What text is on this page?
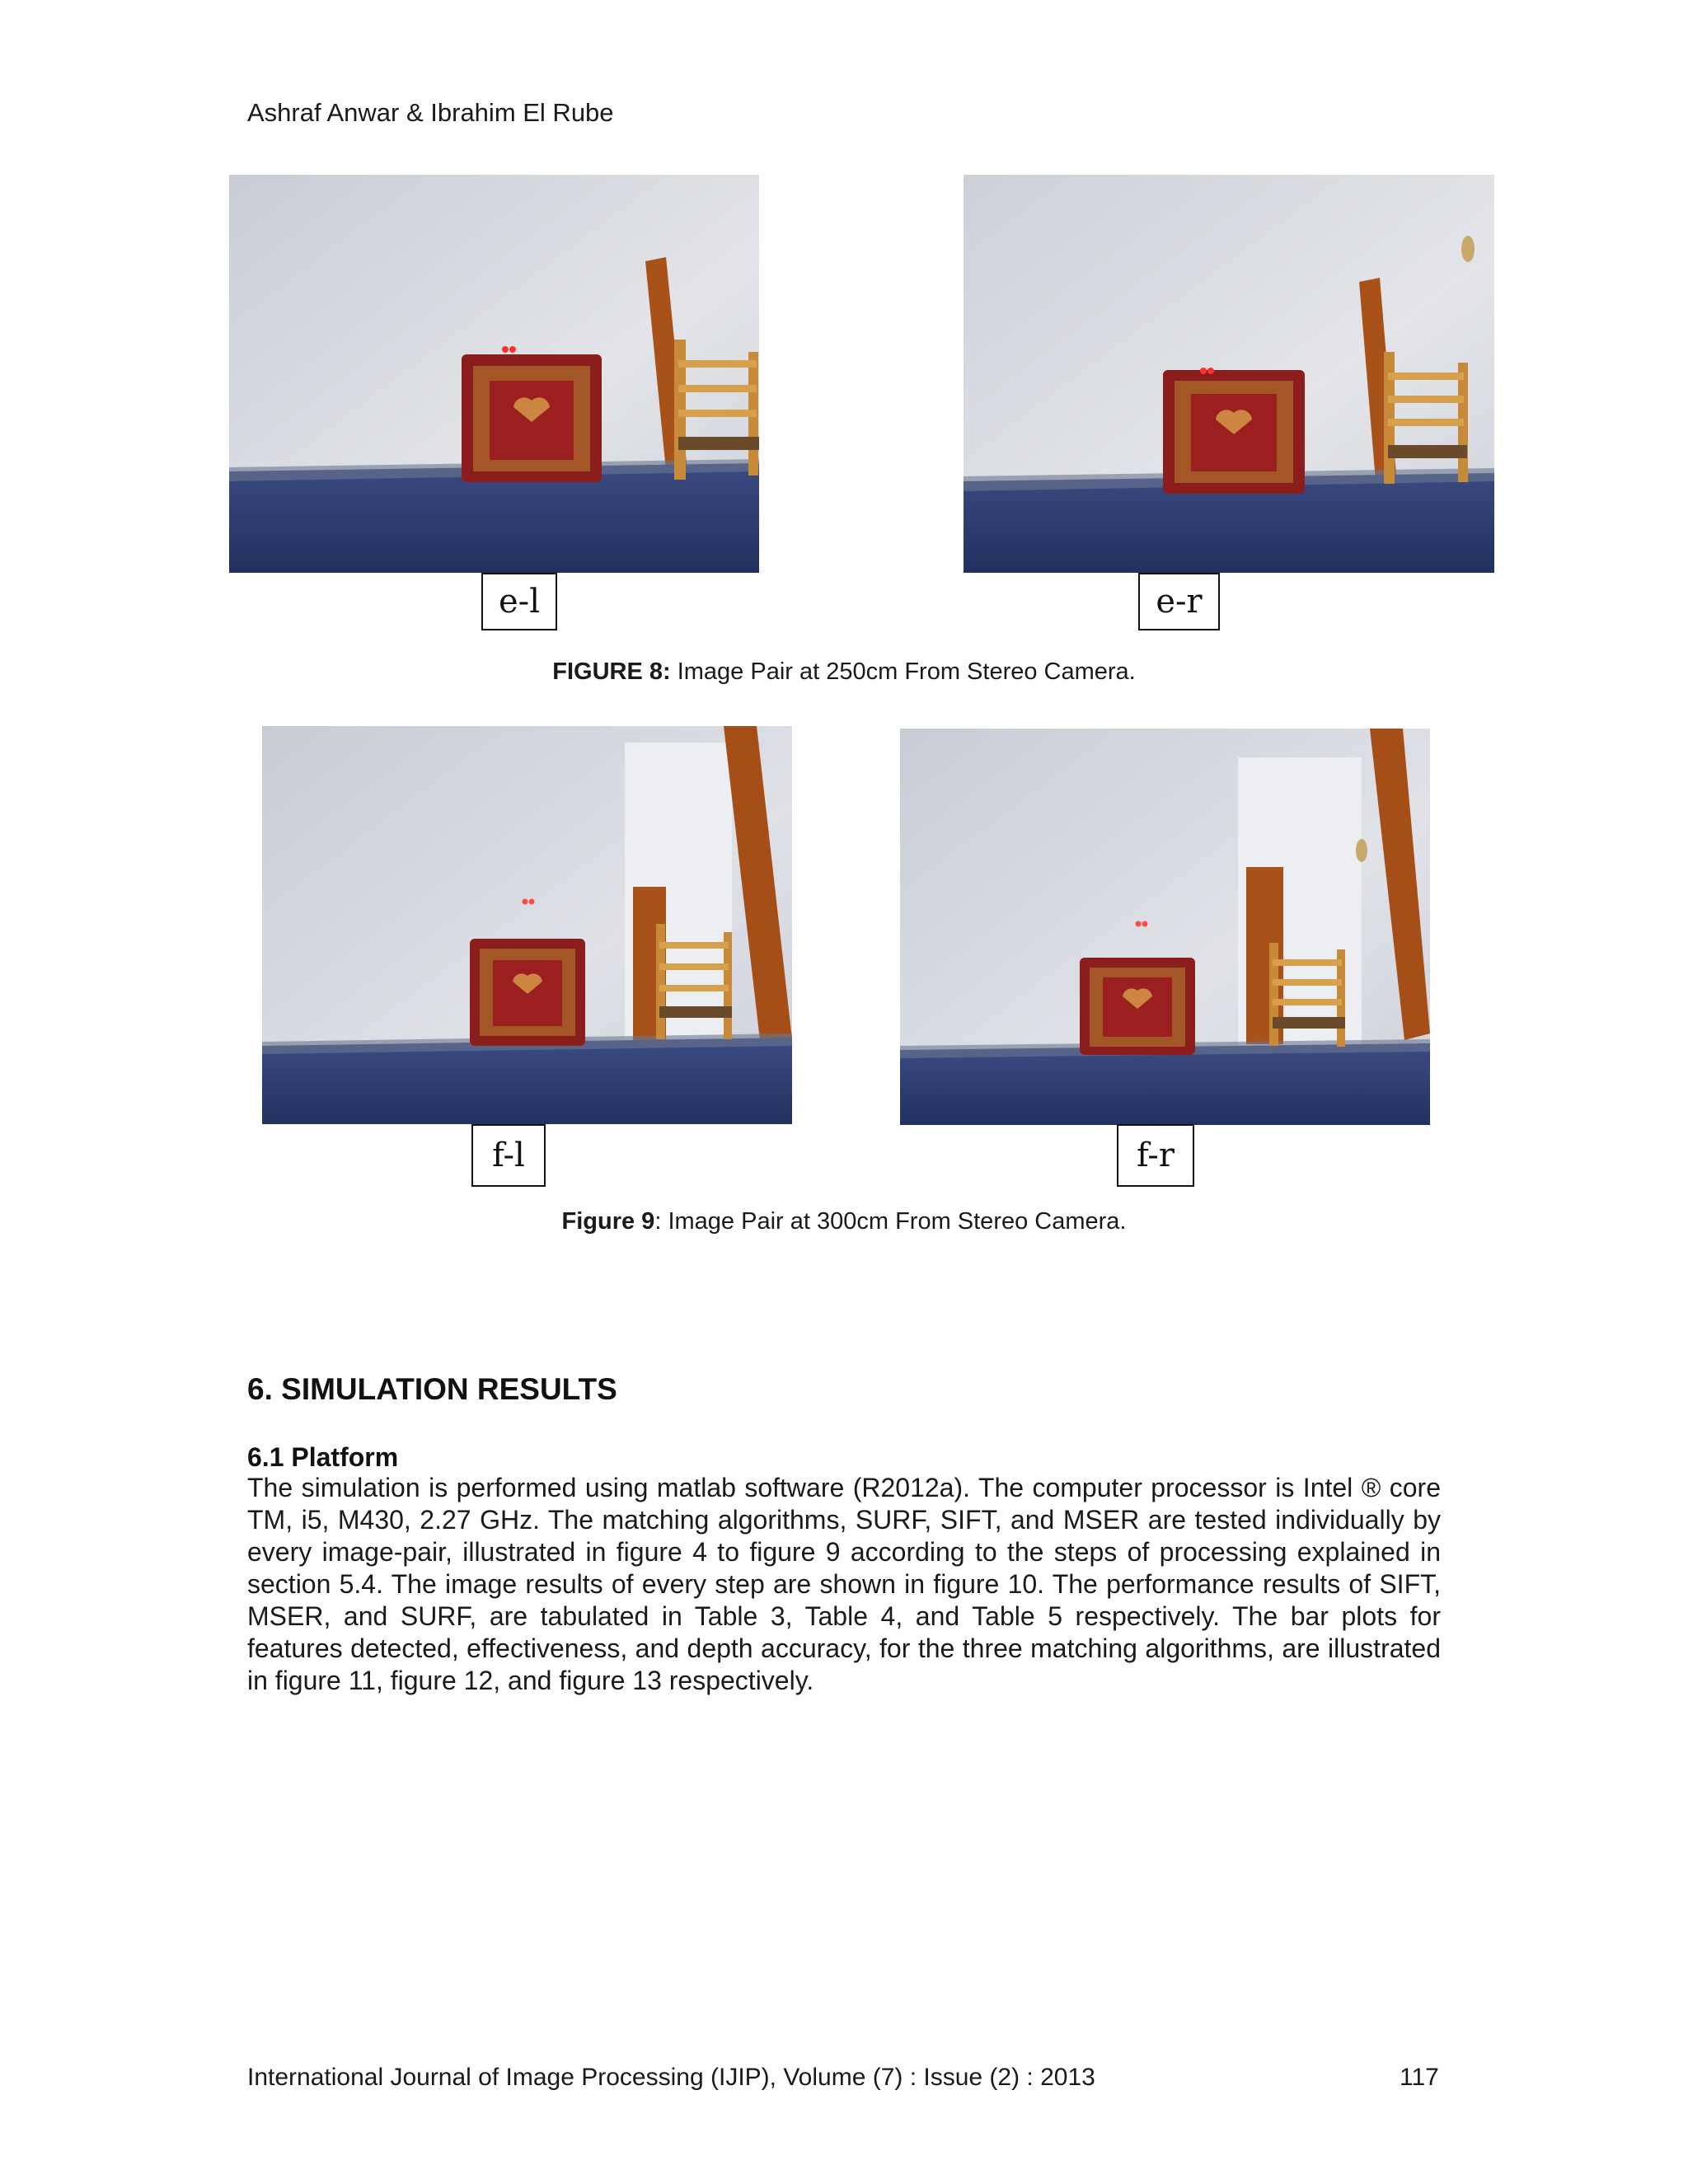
Ashraf Anwar & Ibrahim El Rube
e-l	e-r
FIGURE 8: Image Pair at 250cm From Stereo Camera.
f-l	f-r
Figure 9: Image Pair at 300cm From Stereo Camera.
6. SIMULATION RESULTS
6.1 Platform
The simulation is performed using matlab software (R2012a). The computer processor is Intel ® core TM, i5, M430, 2.27 GHz. The matching algorithms, SURF, SIFT, and MSER are tested individually by every image-pair, illustrated in figure 4 to figure 9 according to the steps of processing explained in section 5.4. The image results of every step are shown in figure 10. The performance results of SIFT, MSER, and SURF, are tabulated in Table 3, Table 4, and Table 5 respectively. The bar plots for features detected, effectiveness, and depth accuracy, for the three matching algorithms, are illustrated in figure 11, figure 12, and figure 13 respectively.
International Journal of Image Processing (IJIP), Volume (7) : Issue (2) : 2013	117
